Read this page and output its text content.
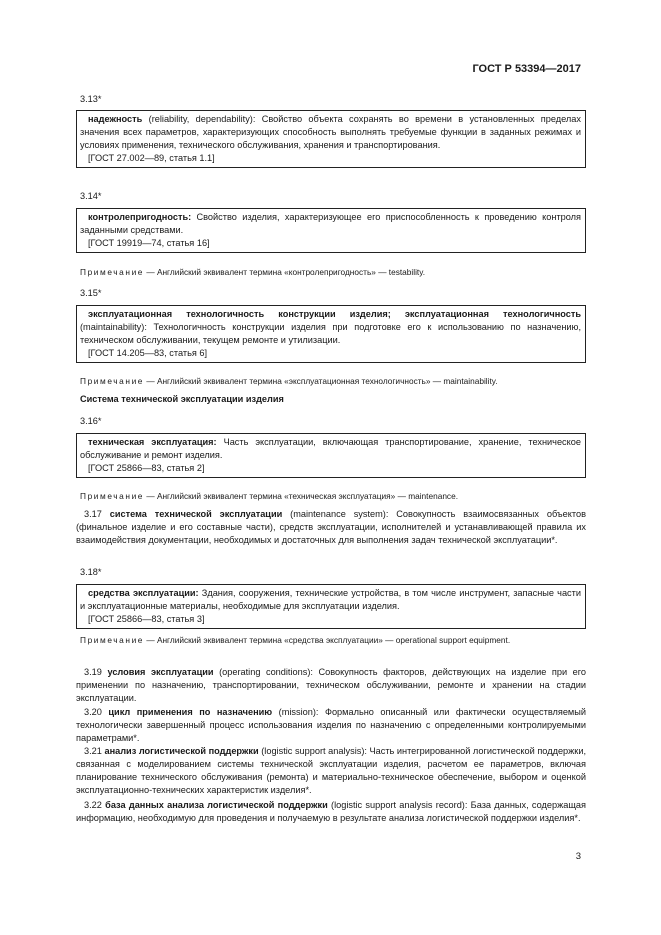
ГОСТ Р 53394—2017
3.13*

надежность (reliability, dependability): Свойство объекта сохранять во времени в установленных пределах значения всех параметров, характеризующих способность выполнять требуемые функции в заданных режимах и условиях применения, технического обслуживания, хранения и транспортирования.

[ГОСТ 27.002—89, статья 1.1]

3.14*

контролепригодность: Свойство изделия, характеризующее его приспособленность к проведению контроля заданными средствами.

[ГОСТ 19919—74, статья 16]

Примечание — Английский эквивалент термина «контролепригодность» — testability.
3.15*

эксплуатационная технологичность конструкции изделия; эксплуатационная технологичность (maintainability): Технологичность конструкции изделия при подготовке его к использованию по назначению, техническом обслуживании, текущем ремонте и утилизации.

[ГОСТ 14.205—83, статья 6]

Примечание — Английский эквивалент термина «эксплуатационная технологичность» — maintainability.
Система технической эксплуатации изделия
3.16*

техническая эксплуатация: Часть эксплуатации, включающая транспортирование, хранение, техническое обслуживание и ремонт изделия.

[ГОСТ 25866—83, статья 2]

Примечание — Английский эквивалент термина «техническая эксплуатация» — maintenance.

3.17 система технической эксплуатации (maintenance system): Совокупность взаимосвязанных объектов (финальное изделие и его составные части), средств эксплуатации, исполнителей и устанавливающей правила их взаимодействия документации, необходимых и достаточных для выполнения задач технической эксплуатации*.

3.18*

средства эксплуатации: Здания, сооружения, технические устройства, в том числе инструмент, запасные части и эксплуатационные материалы, необходимые для эксплуатации изделия.

[ГОСТ 25866—83, статья 3]

Примечание — Английский эквивалент термина «средства эксплуатации» — operational support equipment.

3.19 условия эксплуатации (operating conditions): Совокупность факторов, действующих на изделие при его применении по назначению, транспортировании, техническом обслуживании, ремонте и хранении на стадии эксплуатации.

3.20 цикл применения по назначению (mission): Формально описанный или фактически осуществляемый технологически завершенный процесс использования изделия по назначению с определенными контролируемыми параметрами*.

3.21 анализ логистической поддержки (logistic support analysis): Часть интегрированной логистической поддержки, связанная с моделированием системы технической эксплуатации изделия, расчетом ее параметров, включая планирование технического обслуживания (ремонта) и материально-техническое обеспечение, выбором и оценкой эксплуатационно-технических характеристик изделия*.

3.22 база данных анализа логистической поддержки (logistic support analysis record): База данных, содержащая информацию, необходимую для проведения и получаемую в результате анализа логистической поддержки изделия*.

3
